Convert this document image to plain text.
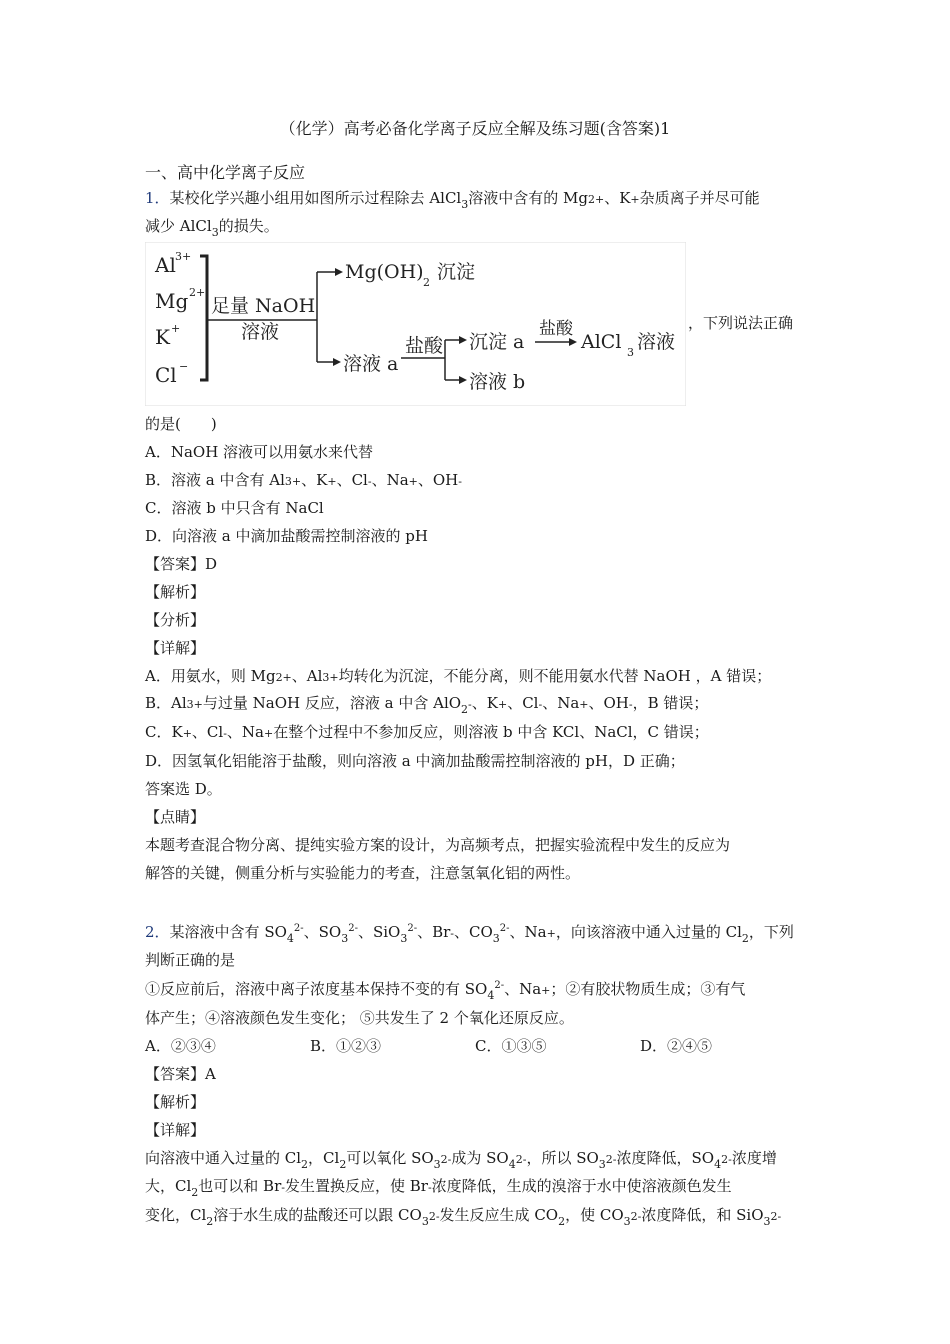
（化学）高考必备化学离子反应全解及练习题(含答案)1
一、高中化学离子反应
1．某校化学兴趣小组用如图所示过程除去 AlCl$_3$溶液中含有的 Mg2+、K+杂质离子并尽可能
减少 AlCl$_3$的损失。
Al 3+
Mg 2+
K +
Cl −
足量 NaOH
溶液
Mg(OH) 2 沉淀
溶液 a
盐酸 沉淀 a
盐酸
AlCl 3 溶液
溶液 b
，下列说法正确
的是(　　)
A．NaOH 溶液可以用氨水来代替
B．溶液 a 中含有 Al3+、K+、Cl-、Na+、OH-
C．溶液 b 中只含有 NaCl
D．向溶液 a 中滴加盐酸需控制溶液的 pH
【答案】D
【解析】
【分析】
【详解】
A．用氨水，则 Mg2+、Al3+均转化为沉淀，不能分离，则不能用氨水代替 NaOH ，A 错误；
B．Al3+与过量 NaOH 反应，溶液 a 中含 AlO$_2$-、K+、Cl-、Na+、OH-，B 错误；
C．K+、Cl-、Na+在整个过程中不参加反应，则溶液 b 中含 KCl、NaCl，C 错误；
D．因氢氧化铝能溶于盐酸，则向溶液 a 中滴加盐酸需控制溶液的 pH，D 正确；
答案选 D。
【点睛】
本题考查混合物分离、提纯实验方案的设计，为高频考点，把握实验流程中发生的反应为
解答的关键，侧重分析与实验能力的考查，注意氢氧化铝的两性。
2．某溶液中含有 $SO_4^{2-}$、$SO_3^{2-}$、SiO$_3^{2-}$、Br-、$CO_3^{2-}$、Na+，向该溶液中通入过量的 $Cl_2$，下列
判断正确的是
①反应前后，溶液中离子浓度基本保持不变的有 $SO_4^{2-}$、Na+；②有胶状物质生成；③有气
体产生；④溶液颜色发生变化； ⑤共发生了 2 个氧化还原反应。
A．②③④	B．①②③	C．①③⑤	D．②④⑤
【答案】A
【解析】
【详解】
向溶液中通入过量的 $Cl_2$，$Cl_2$可以氧化 $SO_32-$成为 $SO_42-$，所以 $SO_32-$浓度降低，$SO_42-$浓度增
大，$Cl_2$也可以和 Br-发生置换反应，使 Br-浓度降低，生成的溴溶于水中使溶液颜色发生
变化，$Cl_2$溶于水生成的盐酸还可以跟 $CO_32-$发生反应生成 $CO_2$，使 $CO_32-$浓度降低，和 SiO$_3$2-
